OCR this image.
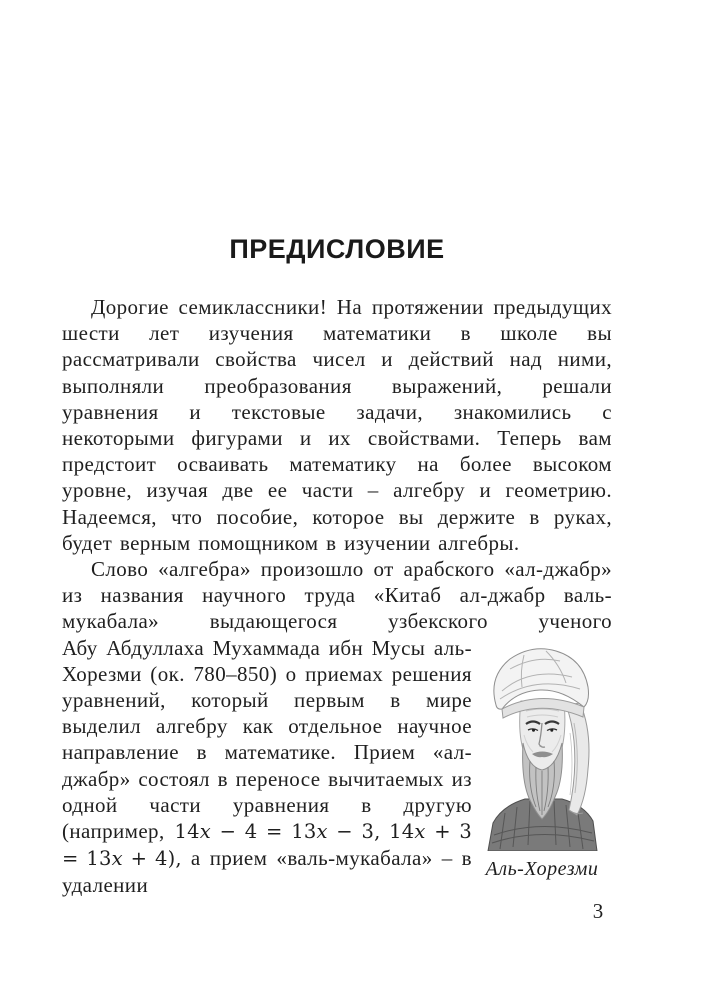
ПРЕДИСЛОВИЕ

Дорогие семиклассники! На протяжении предыдущих шести лет изучения математики в школе вы рассматривали свойства чисел и действий над ними, выполняли преобразования выражений, решали уравнения и текстовые задачи, знакомились с некоторыми фигурами и их свойствами. Теперь вам предстоит осваивать математику на более высоком уровне, изучая две ее части – алгебру и геометрию. Надеемся, что пособие, которое вы держите в руках, будет верным помощником в изучении алгебры.

Слово «алгебра» произошло от арабского «ал-джабр» из названия научного труда «Китаб ал-джабр валь-мукабала» выдающегося узбекского ученого

Аль-Хорезми

Абу Абдуллаха Мухаммада ибн Мусы аль-Хорезми (ок. 780–850) о приемах решения уравнений, который первым в мире выделил алгебру как отдельное научное направление в математике. Прием «ал-джабр» состоял в переносе вычитаемых из одной части уравнения в другую (например, 14x − 4 = 13x − 3, 14x + 3 = 13x + 4), а прием «валь-мукабала» – в удалении

3
